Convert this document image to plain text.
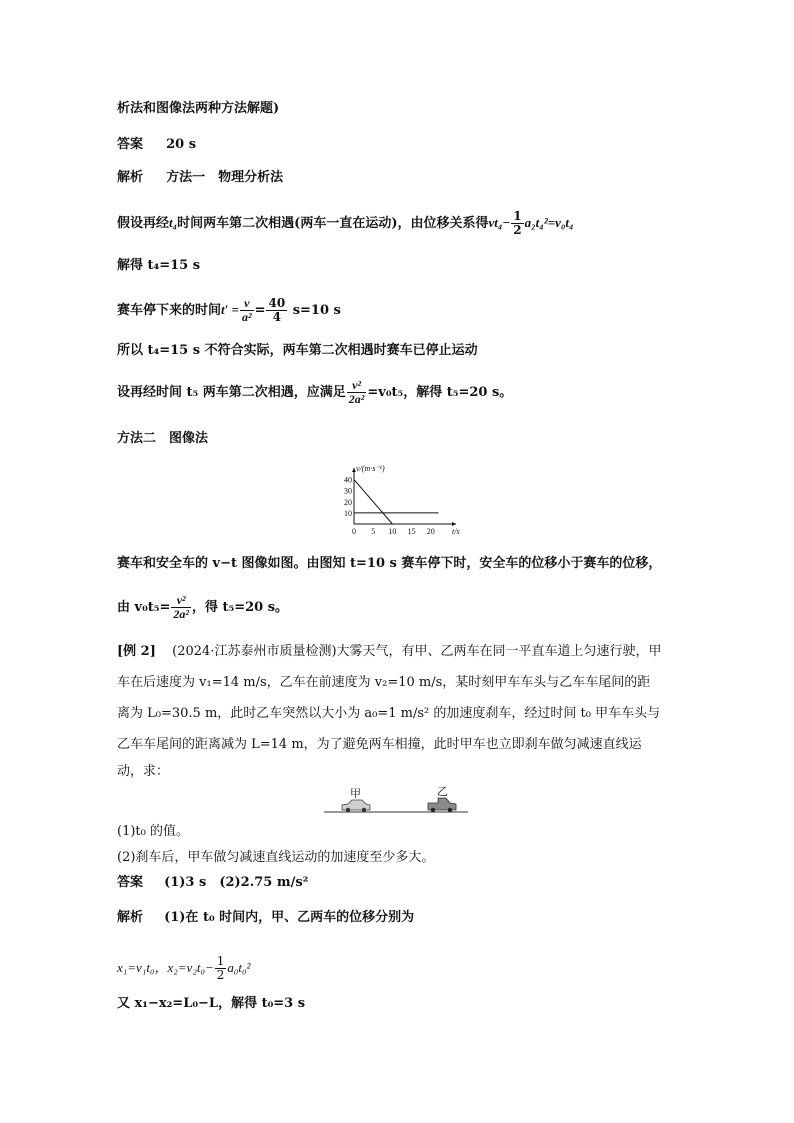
析法和图像法两种方法解题)
答案 20 s
解析 方法一　物理分析法
假设再经t₄时间两车第二次相遇(两车一直在运动)，由位移关系得$vt_4- \frac{1}{2} a_2t_4^2=v_0t_4$
解得 t₄=15 s
赛车停下来的时间$t' = \frac{v}{\text{a²}} = \frac{40}{4} s=10$ s
所以 t₄=15 s 不符合实际，两车第二次相遇时赛车已停止运动
设再经时间 t₅ 两车第二次相遇，应满足 $\frac{\text{v²}}{\text{2a²}} =v_0t_5$，解得 t₅=20 s。
方法二　图像法
v/(m·s⁻¹)
t/s
0 5 10 15 20
40
30
20
10
赛车和安全车的 v−t 图像如图。由图知 t=10 s 赛车停下时，安全车的位移小于赛车的位移，
由 $v_0t_5= \frac{\text{v²}}{\text{2a²}}$ ，得 t₅=20 s。
[例 2] (2024·江苏泰州市质量检测)大雾天气，有甲、乙两车在同一平直车道上匀速行驶，甲
车在后速度为 v₁=14 m/s，乙车在前速度为 v₂=10 m/s，某时刻甲车车头与乙车车尾间的距
离为 L₀=30.5 m，此时乙车突然以大小为 a₀=1 m/s² 的加速度刹车，经过时间 t₀ 甲车车头与
乙车车尾间的距离减为 L=14 m，为了避免两车相撞，此时甲车也立即刹车做匀减速直线运
动，求：
甲	乙
(1)t₀ 的值。
(2)刹车后，甲车做匀减速直线运动的加速度至少多大。
答案 (1)3 s　(2)2.75 m/s²
解析 (1)在 t₀ 时间内，甲、乙两车的位移分别为
x₁=v₁t₀，$x_2=v_2t_0- \frac{1}{2} a_0t_0^2$
又 x₁−x₂=L₀−L，解得 t₀=3 s
